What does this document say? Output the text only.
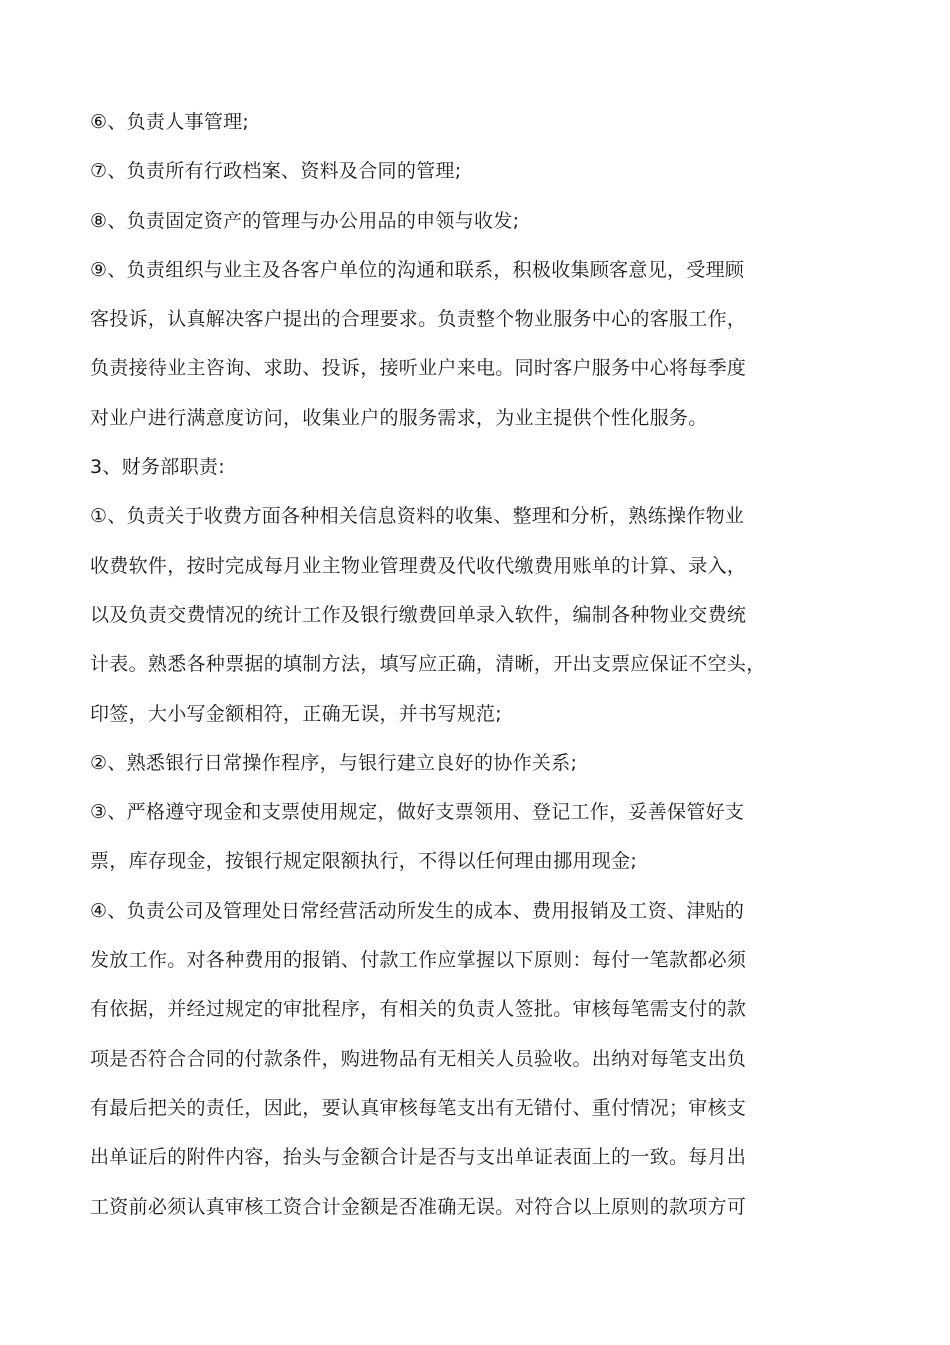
⑥、负责人事管理;

⑦、负责所有行政档案、资料及合同的管理;

⑧、负责固定资产的管理与办公用品的申领与收发;

⑨、负责组织与业主及各客户单位的沟通和联系，积极收集顾客意见，受理顾
客投诉，认真解决客户提出的合理要求。负责整个物业服务中心的客服工作，
负责接待业主咨询、求助、投诉，接听业户来电。同时客户服务中心将每季度
对业户进行满意度访问，收集业户的服务需求，为业主提供个性化服务。

3、财务部职责:

①、负责关于收费方面各种相关信息资料的收集、整理和分析，熟练操作物业
收费软件，按时完成每月业主物业管理费及代收代缴费用账单的计算、录入，
以及负责交费情况的统计工作及银行缴费回单录入软件，编制各种物业交费统
计表。熟悉各种票据的填制方法，填写应正确，清晰，开出支票应保证不空头，
印签，大小写金额相符，正确无误，并书写规范;

②、熟悉银行日常操作程序，与银行建立良好的协作关系;

③、严格遵守现金和支票使用规定，做好支票领用、登记工作，妥善保管好支
票，库存现金，按银行规定限额执行，不得以任何理由挪用现金;

④、负责公司及管理处日常经营活动所发生的成本、费用报销及工资、津贴的
发放工作。对各种费用的报销、付款工作应掌握以下原则：每付一笔款都必须
有依据，并经过规定的审批程序，有相关的负责人签批。审核每笔需支付的款
项是否符合合同的付款条件，购进物品有无相关人员验收。出纳对每笔支出负
有最后把关的责任，因此，要认真审核每笔支出有无错付、重付情况；审核支
出单证后的附件内容，抬头与金额合计是否与支出单证表面上的一致。每月出
工资前必须认真审核工资合计金额是否准确无误。对符合以上原则的款项方可
